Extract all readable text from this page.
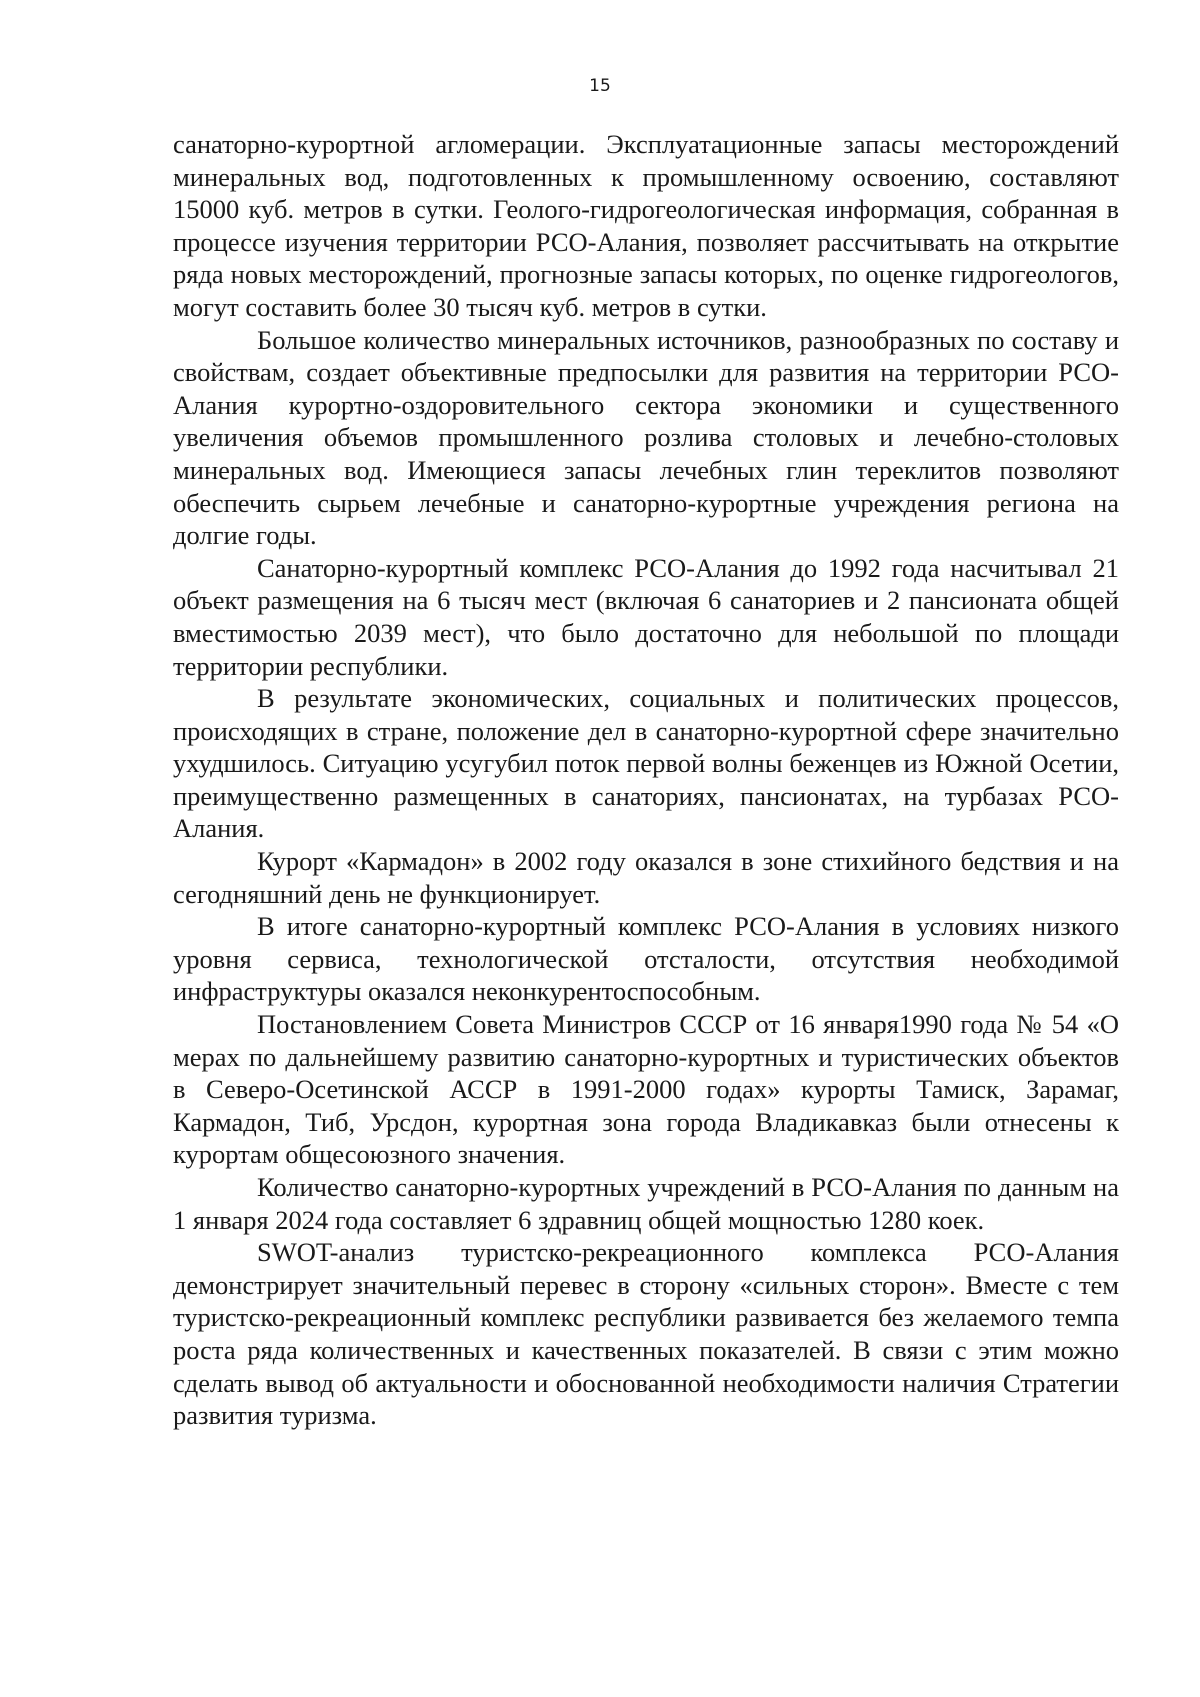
15

санаторно-курортной агломерации. Эксплуатационные запасы месторождений минеральных вод, подготовленных к промышленному освоению, составляют 15000 куб. метров в сутки. Геолого-гидрогеологическая информация, собранная в процессе изучения территории РСО-Алания, позволяет рассчитывать на открытие ряда новых месторождений, прогнозные запасы которых, по оценке гидрогеологов, могут составить более 30 тысяч куб. метров в сутки.

Большое количество минеральных источников, разнообразных по составу и свойствам, создает объективные предпосылки для развития на территории РСО-Алания курортно-оздоровительного сектора экономики и существенного увеличения объемов промышленного розлива столовых и лечебно-столовых минеральных вод. Имеющиеся запасы лечебных глин тереклитов позволяют обеспечить сырьем лечебные и санаторно-курортные учреждения региона на долгие годы.

Санаторно-курортный комплекс РСО-Алания до 1992 года насчитывал 21 объект размещения на 6 тысяч мест (включая 6 санаториев и 2 пансионата общей вместимостью 2039 мест), что было достаточно для небольшой по площади территории республики.

В результате экономических, социальных и политических процессов, происходящих в стране, положение дел в санаторно-курортной сфере значительно ухудшилось. Ситуацию усугубил поток первой волны беженцев из Южной Осетии, преимущественно размещенных в санаториях, пансионатах, на турбазах РСО-Алания.

Курорт «Кармадон» в 2002 году оказался в зоне стихийного бедствия и на сегодняшний день не функционирует.

В итоге санаторно-курортный комплекс РСО-Алания в условиях низкого уровня сервиса, технологической отсталости, отсутствия необходимой инфраструктуры оказался неконкурентоспособным.

Постановлением Совета Министров СССР от 16 января1990 года № 54 «О мерах по дальнейшему развитию санаторно-курортных и туристических объектов в Северо-Осетинской АССР в 1991-2000 годах» курорты Тамиск, Зарамаг, Кармадон, Тиб, Урсдон, курортная зона города Владикавказ были отнесены к курортам общесоюзного значения.

Количество санаторно-курортных учреждений в РСО-Алания по данным на 1 января 2024 года составляет 6 здравниц общей мощностью 1280 коек.

SWOT-анализ туристско-рекреационного комплекса РСО-Алания демонстрирует значительный перевес в сторону «сильных сторон». Вместе с тем туристско-рекреационный комплекс республики развивается без желаемого темпа роста ряда количественных и качественных показателей. В связи с этим можно сделать вывод об актуальности и обоснованной необходимости наличия Стратегии развития туризма.
